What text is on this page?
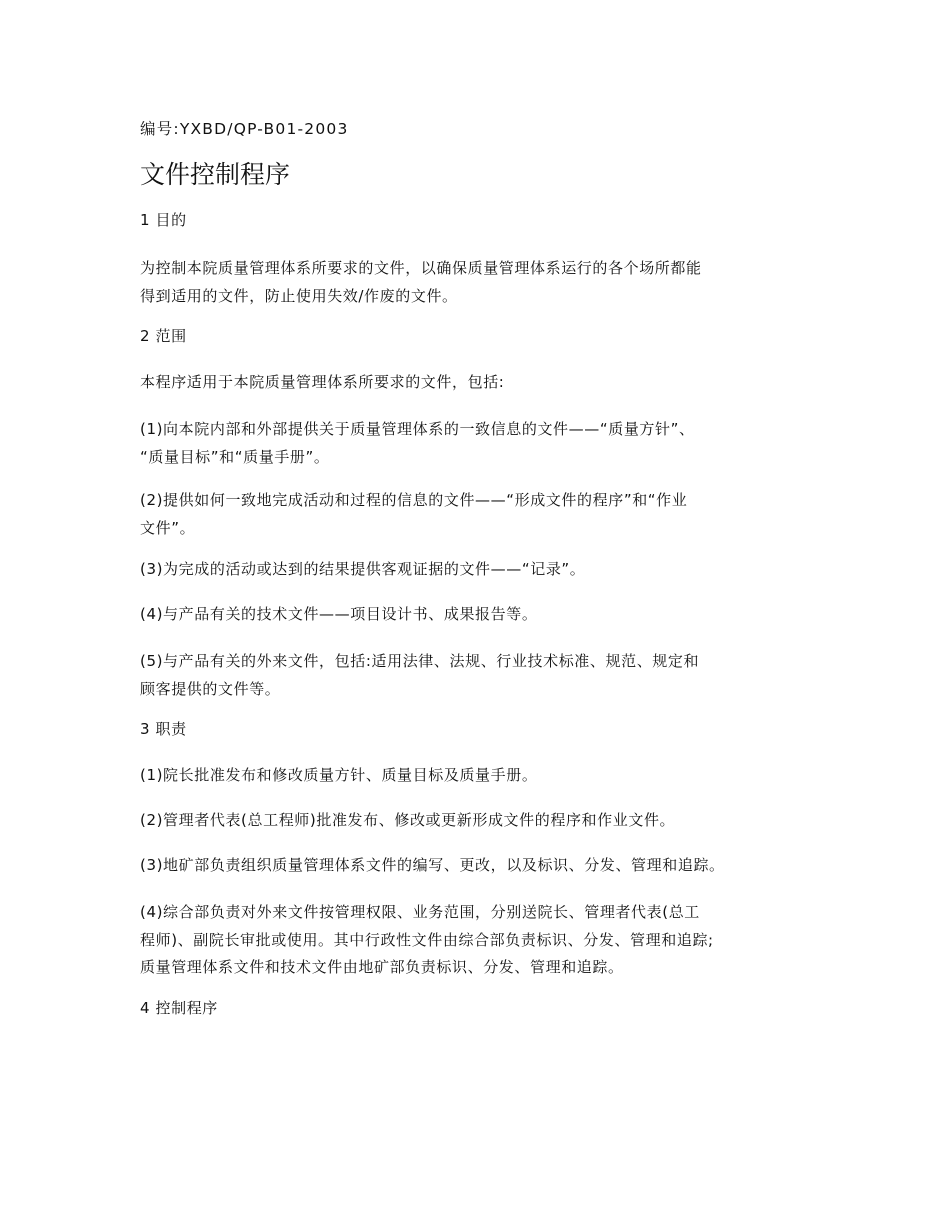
编号:YXBD/QP-B01-2003
文件控制程序
1 目的
为控制本院质量管理体系所要求的文件，以确保质量管理体系运行的各个场所都能
得到适用的文件，防止使用失效/作废的文件。
2 范围
本程序适用于本院质量管理体系所要求的文件，包括:
(1)向本院内部和外部提供关于质量管理体系的一致信息的文件——“质量方针”、
“质量目标”和“质量手册”。
(2)提供如何一致地完成活动和过程的信息的文件——“形成文件的程序”和“作业
文件”。
(3)为完成的活动或达到的结果提供客观证据的文件——“记录”。
(4)与产品有关的技术文件——项目设计书、成果报告等。
(5)与产品有关的外来文件，包括:适用法律、法规、行业技术标准、规范、规定和
顾客提供的文件等。
3 职责
(1)院长批准发布和修改质量方针、质量目标及质量手册。
(2)管理者代表(总工程师)批准发布、修改或更新形成文件的程序和作业文件。
(3)地矿部负责组织质量管理体系文件的编写、更改，以及标识、分发、管理和追踪。
(4)综合部负责对外来文件按管理权限、业务范围，分别送院长、管理者代表(总工
程师)、副院长审批或使用。其中行政性文件由综合部负责标识、分发、管理和追踪;
质量管理体系文件和技术文件由地矿部负责标识、分发、管理和追踪。
4 控制程序
